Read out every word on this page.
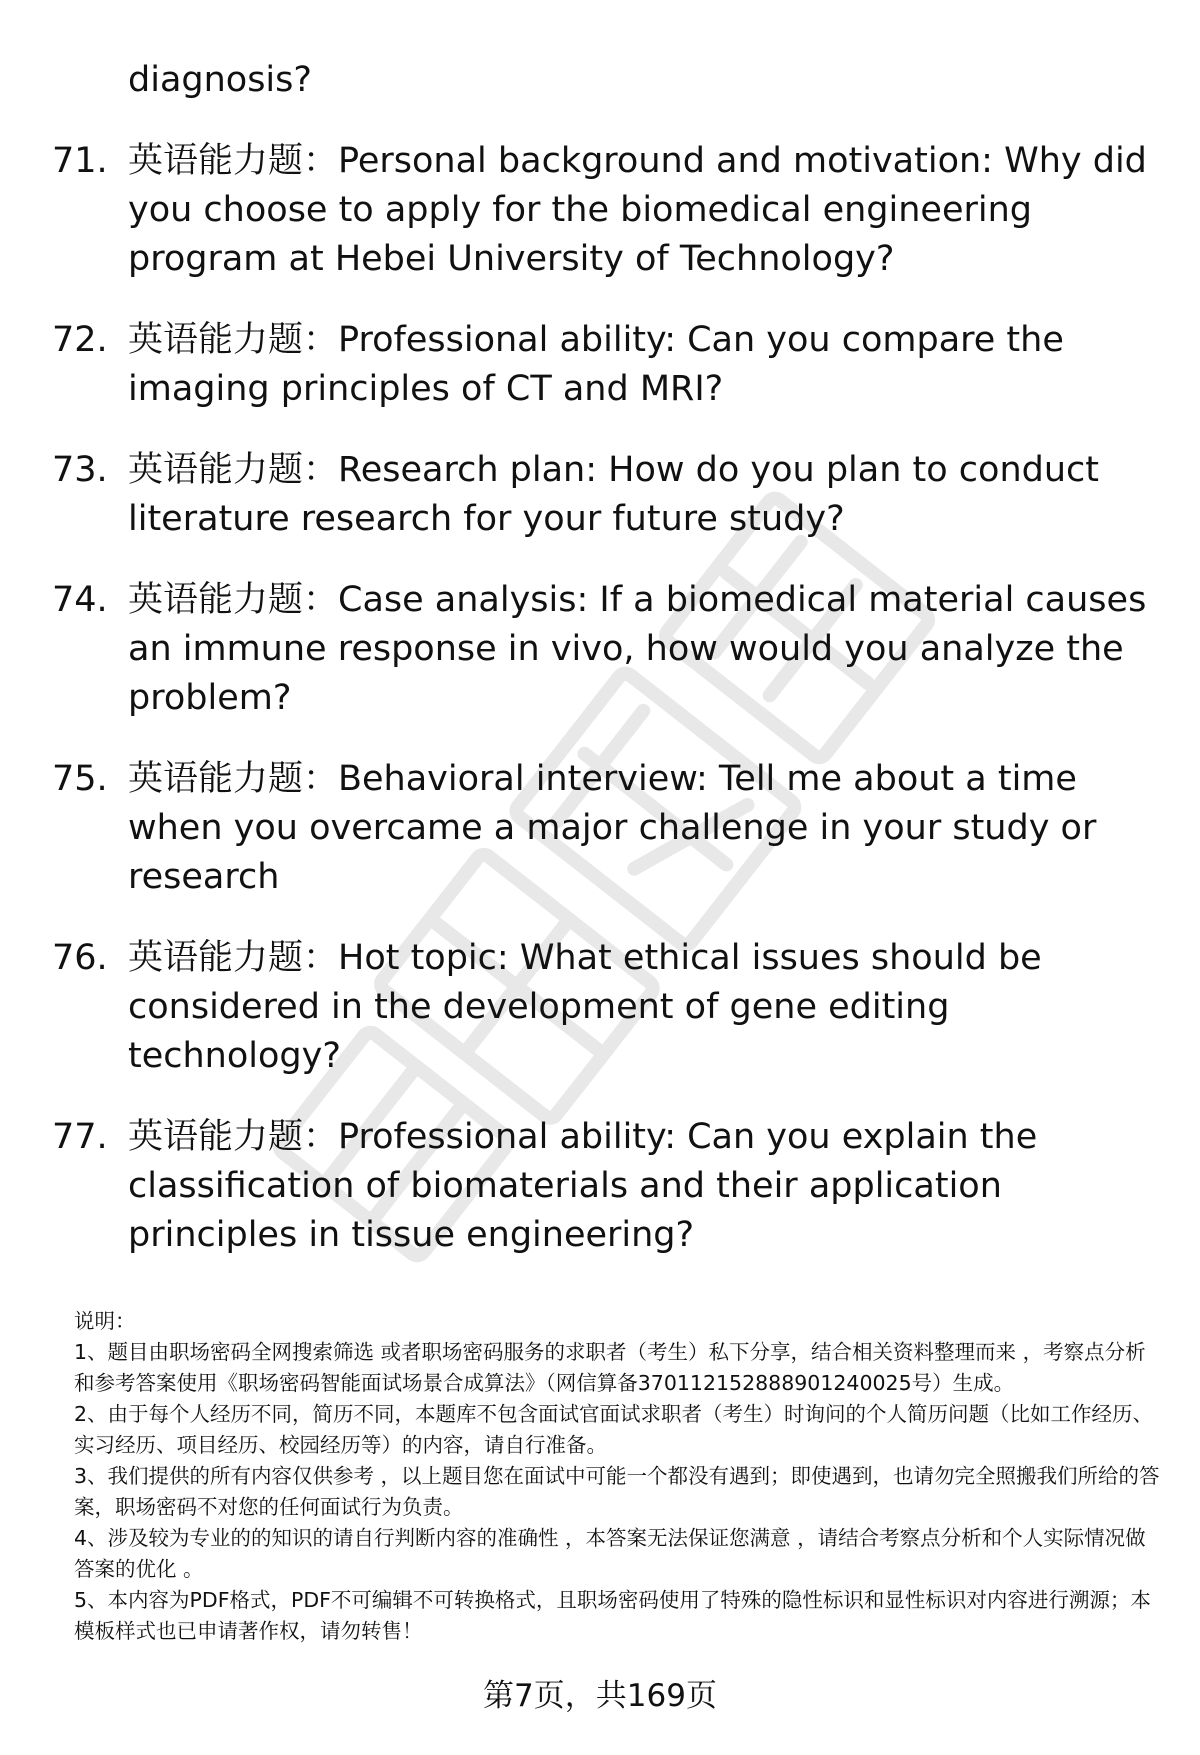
diagnosis?
71. 英语能力题：Personal background and motivation: Why did you choose to apply for the biomedical engineering program at Hebei University of Technology?
72. 英语能力题：Professional ability: Can you compare the imaging principles of CT and MRI?
73. 英语能力题：Research plan: How do you plan to conduct literature research for your future study?
74. 英语能力题：Case analysis: If a biomedical material causes an immune response in vivo, how would you analyze the problem?
75. 英语能力题：Behavioral interview: Tell me about a time when you overcame a major challenge in your study or research
76. 英语能力题：Hot topic: What ethical issues should be considered in the development of gene editing technology?
77. 英语能力题：Professional ability: Can you explain the classification of biomaterials and their application principles in tissue engineering?

说明：

1、题目由职场密码全网搜索筛选 或者职场密码服务的求职者（考生）私下分享，结合相关资料整理而来 ，考察点分析和参考答案使用《职场密码智能面试场景合成算法》（网信算备370112152888901240025号）生成。

2、由于每个人经历不同，简历不同，本题库不包含面试官面试求职者（考生）时询问的个人简历问题（比如工作经历、实习经历、项目经历、校园经历等）的内容，请自行准备。

3、我们提供的所有内容仅供参考 ，以上题目您在面试中可能一个都没有遇到；即使遇到，也请勿完全照搬我们所给的答案，职场密码不对您的任何面试行为负责。

4、涉及较为专业的的知识的请自行判断内容的准确性 ，本答案无法保证您满意 ，请结合考察点分析和个人实际情况做答案的优化 。

5、本内容为PDF格式，PDF不可编辑不可转换格式，且职场密码使用了特殊的隐性标识和显性标识对内容进行溯源；本模板样式也已申请著作权，请勿转售！

第7页，共169页
